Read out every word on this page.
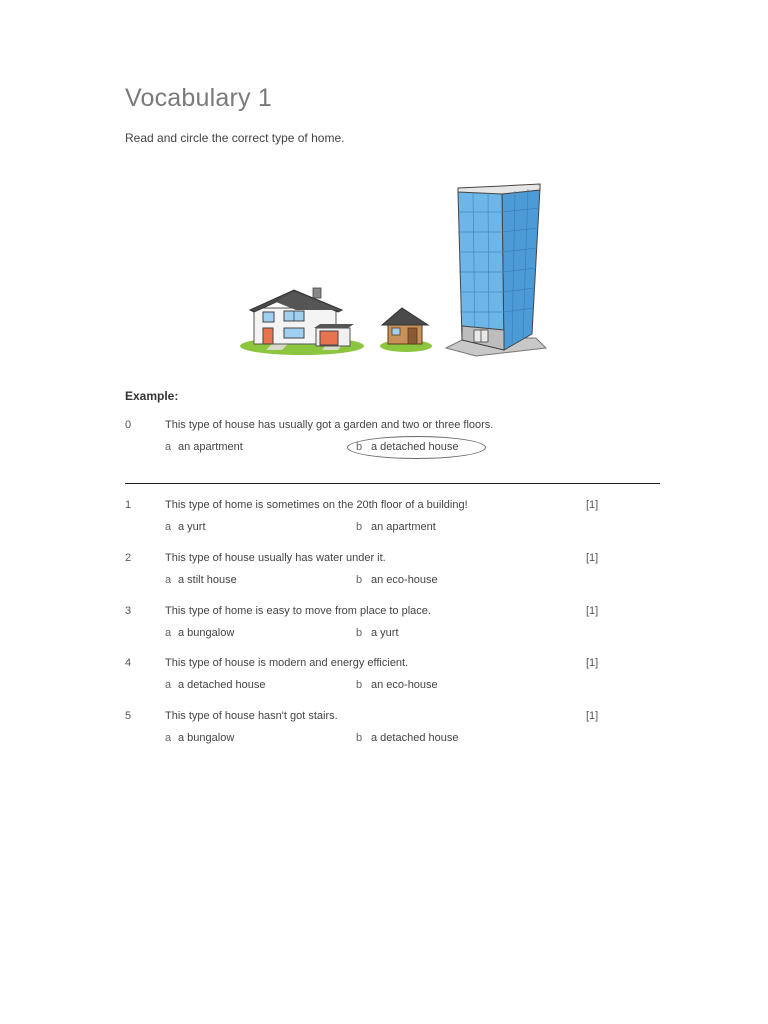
Vocabulary 1
Read and circle the correct type of home.
Example:
0	This type of house has usually got a garden and two or three floors.
a an apartment	b a detached house
1	This type of home is sometimes on the 20th floor of a building!	[1]
a a yurt	b an apartment
2	This type of house usually has water under it.	[1]
a a stilt house	b an eco-house
3	This type of home is easy to move from place to place.	[1]
a a bungalow	b a yurt
4	This type of house is modern and energy efficient.	[1]
a a detached house	b an eco-house
5	This type of house hasn't got stairs.	[1]
a a bungalow	b a detached house
